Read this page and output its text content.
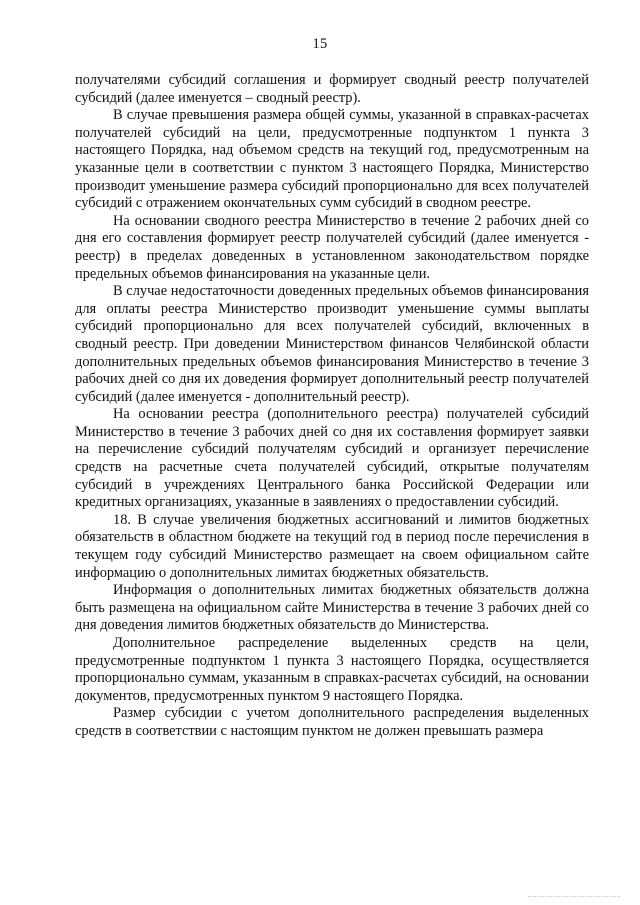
15

получателями субсидий соглашения и формирует сводный реестр получателей субсидий (далее именуется – сводный реестр).

В случае превышения размера общей суммы, указанной в справках-расчетах получателей субсидий на цели, предусмотренные подпунктом 1 пункта 3 настоящего Порядка, над объемом средств на текущий год, предусмотренным на указанные цели в соответствии с пунктом 3 настоящего Порядка, Министерство производит уменьшение размера субсидий пропорционально для всех получателей субсидий с отражением окончательных сумм субсидий в сводном реестре.

На основании сводного реестра Министерство в течение 2 рабочих дней со дня его составления формирует реестр получателей субсидий (далее именуется - реестр) в пределах доведенных в установленном законодательством порядке предельных объемов финансирования на указанные цели.

В случае недостаточности доведенных предельных объемов финансирования для оплаты реестра Министерство производит уменьшение суммы выплаты субсидий пропорционально для всех получателей субсидий, включенных в сводный реестр. При доведении Министерством финансов Челябинской области дополнительных предельных объемов финансирования Министерство в течение 3 рабочих дней со дня их доведения формирует дополнительный реестр получателей субсидий (далее именуется - дополнительный реестр).

На основании реестра (дополнительного реестра) получателей субсидий Министерство в течение 3 рабочих дней со дня их составления формирует заявки на перечисление субсидий получателям субсидий и организует перечисление средств на расчетные счета получателей субсидий, открытые получателям субсидий в учреждениях Центрального банка Российской Федерации или кредитных организациях, указанные в заявлениях о предоставлении субсидий.

18. В случае увеличения бюджетных ассигнований и лимитов бюджетных обязательств в областном бюджете на текущий год в период после перечисления в текущем году субсидий Министерство размещает на своем официальном сайте информацию о дополнительных лимитах бюджетных обязательств.

Информация о дополнительных лимитах бюджетных обязательств должна быть размещена на официальном сайте Министерства в течение 3 рабочих дней со дня доведения лимитов бюджетных обязательств до Министерства.

Дополнительное распределение выделенных средств на цели, предусмотренные подпунктом 1 пункта 3 настоящего Порядка, осуществляется пропорционально суммам, указанным в справках-расчетах субсидий, на основании документов, предусмотренных пунктом 9 настоящего Порядка.

Размер субсидии с учетом дополнительного распределения выделенных средств в соответствии с настоящим пунктом не должен превышать размера
